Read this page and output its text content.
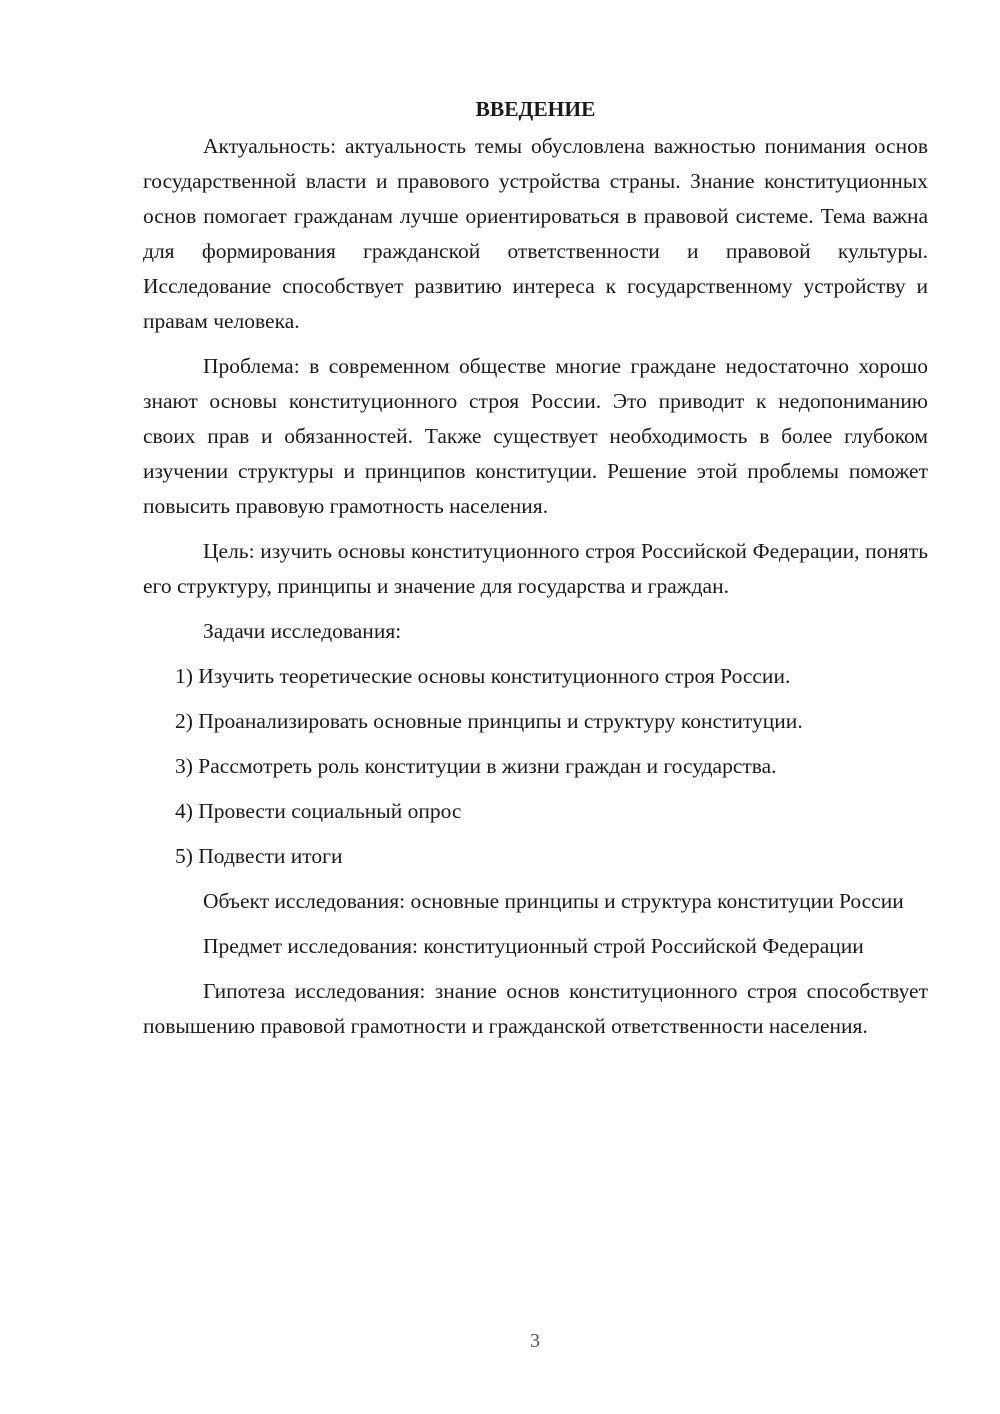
ВВЕДЕНИЕ

Актуальность: актуальность темы обусловлена важностью понимания основ государственной власти и правового устройства страны. Знание конституционных основ помогает гражданам лучше ориентироваться в правовой системе. Тема важна для формирования гражданской ответственности и правовой культуры. Исследование способствует развитию интереса к государственному устройству и правам человека.

Проблема: в современном обществе многие граждане недостаточно хорошо знают основы конституционного строя России. Это приводит к недопониманию своих прав и обязанностей. Также существует необходимость в более глубоком изучении структуры и принципов конституции. Решение этой проблемы поможет повысить правовую грамотность населения.

Цель: изучить основы конституционного строя Российской Федерации, понять его структуру, принципы и значение для государства и граждан.

Задачи исследования:

1) Изучить теоретические основы конституционного строя России.
2) Проанализировать основные принципы и структуру конституции.
3) Рассмотреть роль конституции в жизни граждан и государства.
4) Провести социальный опрос
5) Подвести итоги

Объект исследования: основные принципы и структура конституции России

Предмет исследования: конституционный строй Российской Федерации

Гипотеза исследования: знание основ конституционного строя способствует повышению правовой грамотности и гражданской ответственности населения.

3
